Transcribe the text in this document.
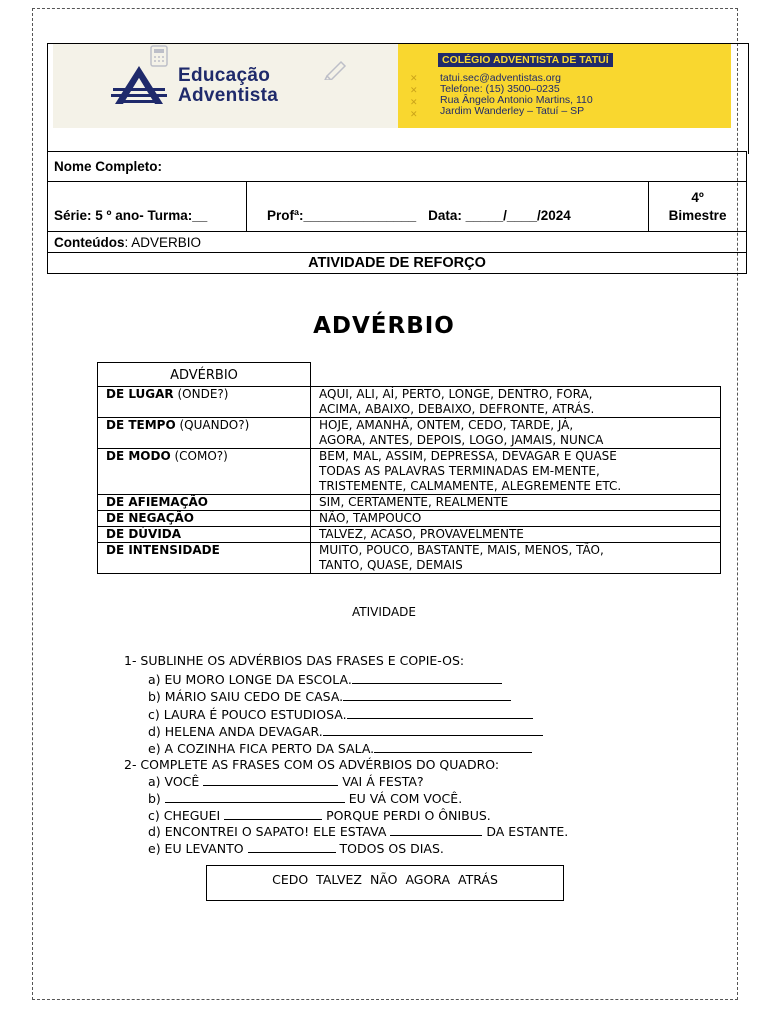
Educação
Adventista
✕
✕
✕
✕
COLÉGIO ADVENTISTA DE TATUÍ
tatui.sec@adventistas.org
Telefone: (15) 3500–0235
Rua Ângelo Antonio Martins, 110
Jardim Wanderley – Tatuí – SP
Nome Completo:
Série: 5 º ano- Turma:__	Profª:_______________	Data: _____/____/2024	
4º
Bimestre

Conteúdos: ADVERBIO
ATIVIDADE DE REFORÇO
ADVÉRBIO
ADVÉRBIO	
DE LUGAR (ONDE?)	AQUI, ALI, AÍ, PERTO, LONGE, DENTRO, FORA,
ACIMA, ABAIXO, DEBAIXO, DEFRONTE, ATRÁS.

DE TEMPO (QUANDO?)	HOJE, AMANHÃ, ONTEM, CEDO, TARDE, JÁ,
AGORA, ANTES, DEPOIS, LOGO, JAMAIS, NUNCA

DE MODO (COMO?)	BEM, MAL, ASSIM, DEPRESSA, DEVAGAR E QUASE
TODAS AS PALAVRAS TERMINADAS EM-MENTE,
TRISTEMENTE, CALMAMENTE, ALEGREMENTE ETC.

DE AFIEMAÇÃO	SIM, CERTAMENTE, REALMENTE

DE NEGAÇÃO	NÃO, TAMPOUCO

DE DÚVIDA	TALVEZ, ACASO, PROVAVELMENTE

DE INTENSIDADE	MUITO, POUCO, BASTANTE, MAIS, MENOS, TÃO,
TANTO, QUASE, DEMAIS
ATIVIDADE
1- SUBLINHE OS ADVÉRBIOS DAS FRASES E COPIE-OS:
a) EU MORO LONGE DA ESCOLA.
b) MÁRIO SAIU CEDO DE CASA.
c) LAURA É POUCO ESTUDIOSA.
d) HELENA ANDA DEVAGAR.
e) A COZINHA FICA PERTO DA SALA.
2- COMPLETE AS FRASES COM OS ADVÉRBIOS DO QUADRO:
a) VOCÊ	VAI Á FESTA?
b)	EU VÁ COM VOCÊ.
c) CHEGUEI	PORQUE PERDI O ÔNIBUS.
d) ENCONTREI O SAPATO! ELE ESTAVA	DA ESTANTE.
e) EU LEVANTO	TODOS OS DIAS.
CEDO TALVEZ NÃO AGORA ATRÁS
